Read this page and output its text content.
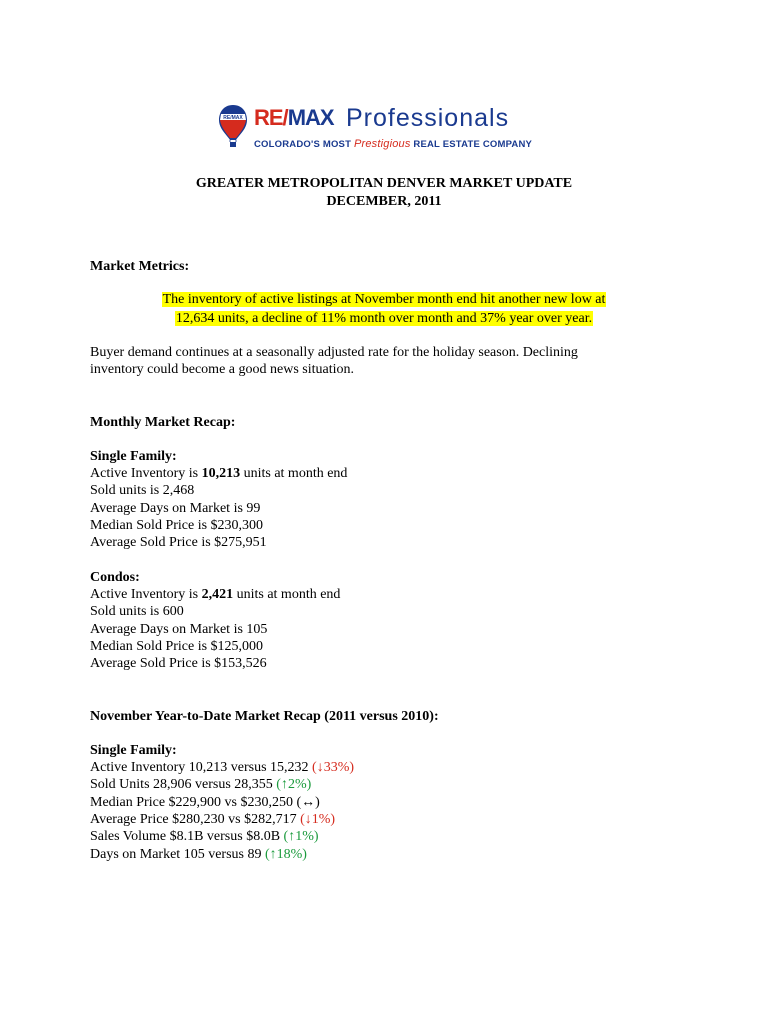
RE/MAX RE/MAX Professionals
COLORADO'S MOST Prestigious REAL ESTATE COMPANY
GREATER METROPOLITAN DENVER MARKET UPDATE
DECEMBER, 2011
Market Metrics:
The inventory of active listings at November month end hit another new low at
12,634 units, a decline of 11% month over month and 37% year over year.
Buyer demand continues at a seasonally adjusted rate for the holiday season. Declining
inventory could become a good news situation.
Monthly Market Recap:
Single Family:
Active Inventory is 10,213 units at month end
Sold units is 2,468
Average Days on Market is 99
Median Sold Price is $230,300
Average Sold Price is $275,951
Condos:
Active Inventory is 2,421 units at month end
Sold units is 600
Average Days on Market is 105
Median Sold Price is $125,000
Average Sold Price is $153,526
November Year-to-Date Market Recap (2011 versus 2010):
Single Family:
Active Inventory 10,213 versus 15,232 (↓33%)
Sold Units 28,906 versus 28,355 (↑2%)
Median Price $229,900 vs $230,250 (↔)
Average Price $280,230 vs $282,717 (↓1%)
Sales Volume $8.1B versus $8.0B (↑1%)
Days on Market 105 versus 89 (↑18%)
